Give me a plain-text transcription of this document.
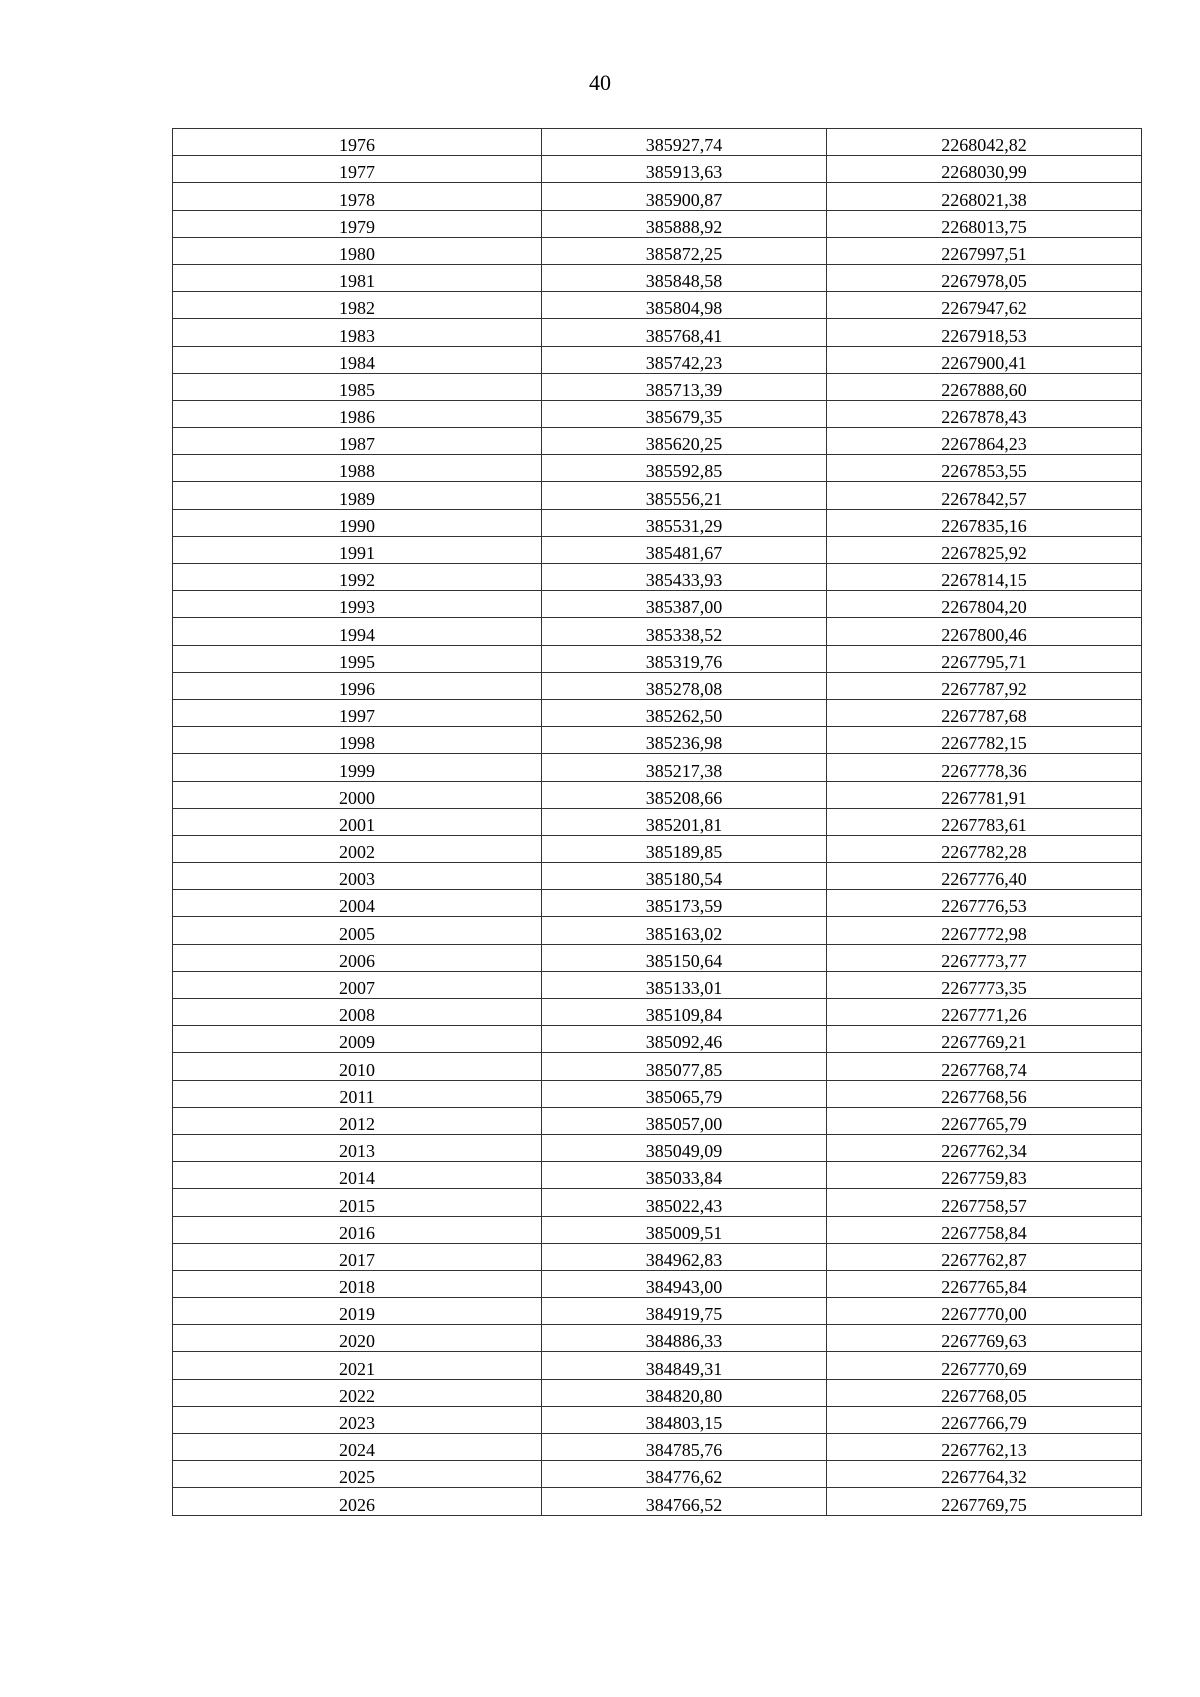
40
1976	385927,74	2268042,82
1977	385913,63	2268030,99
1978	385900,87	2268021,38
1979	385888,92	2268013,75
1980	385872,25	2267997,51
1981	385848,58	2267978,05
1982	385804,98	2267947,62
1983	385768,41	2267918,53
1984	385742,23	2267900,41
1985	385713,39	2267888,60
1986	385679,35	2267878,43
1987	385620,25	2267864,23
1988	385592,85	2267853,55
1989	385556,21	2267842,57
1990	385531,29	2267835,16
1991	385481,67	2267825,92
1992	385433,93	2267814,15
1993	385387,00	2267804,20
1994	385338,52	2267800,46
1995	385319,76	2267795,71
1996	385278,08	2267787,92
1997	385262,50	2267787,68
1998	385236,98	2267782,15
1999	385217,38	2267778,36
2000	385208,66	2267781,91
2001	385201,81	2267783,61
2002	385189,85	2267782,28
2003	385180,54	2267776,40
2004	385173,59	2267776,53
2005	385163,02	2267772,98
2006	385150,64	2267773,77
2007	385133,01	2267773,35
2008	385109,84	2267771,26
2009	385092,46	2267769,21
2010	385077,85	2267768,74
2011	385065,79	2267768,56
2012	385057,00	2267765,79
2013	385049,09	2267762,34
2014	385033,84	2267759,83
2015	385022,43	2267758,57
2016	385009,51	2267758,84
2017	384962,83	2267762,87
2018	384943,00	2267765,84
2019	384919,75	2267770,00
2020	384886,33	2267769,63
2021	384849,31	2267770,69
2022	384820,80	2267768,05
2023	384803,15	2267766,79
2024	384785,76	2267762,13
2025	384776,62	2267764,32
2026	384766,52	2267769,75
